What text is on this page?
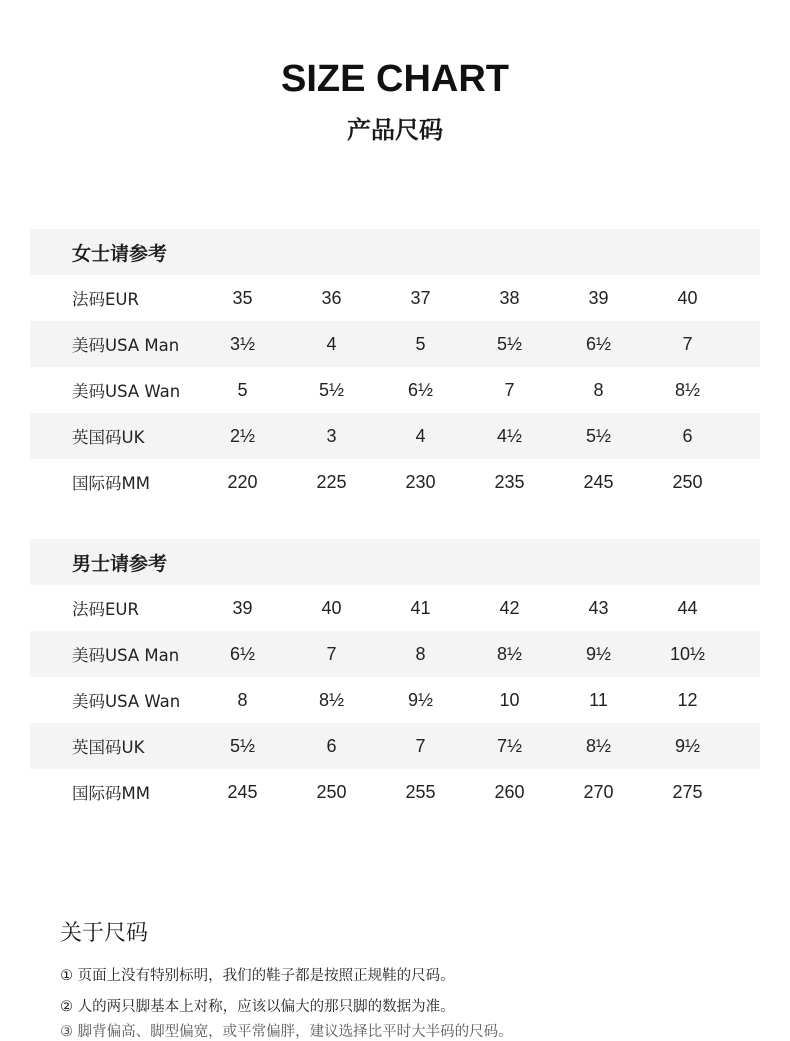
SIZE CHART
产品尺码
女士请参考
法码EUR	35	36	37	38	39	40
美码USA Man	3½	4	5	5½	6½	7
美码USA Wan	5	5½	6½	7	8	8½
英国码UK	2½	3	4	4½	5½	6
国际码MM	220	225	230	235	245	250
男士请参考
法码EUR	39	40	41	42	43	44
美码USA Man	6½	7	8	8½	9½	10½
美码USA Wan	8	8½	9½	10	11	12
英国码UK	5½	6	7	7½	8½	9½
国际码MM	245	250	255	260	270	275
关于尺码
① 页面上没有特别标明，我们的鞋子都是按照正规鞋的尺码。
② 人的两只脚基本上对称，应该以偏大的那只脚的数据为准。
③ 脚背偏高、脚型偏宽，或平常偏胖，建议选择比平时大半码的尺码。
